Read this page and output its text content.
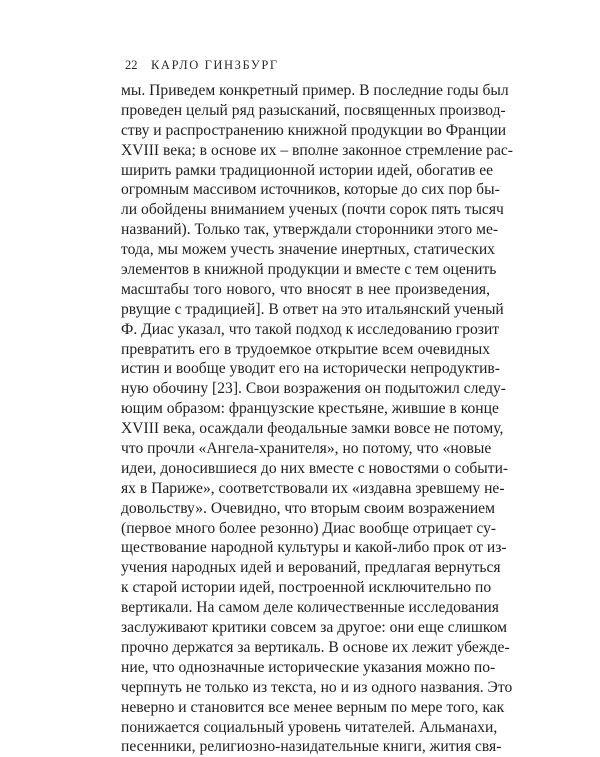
22 КАРЛО ГИНЗБУРГ
мы. Приведем конкретный пример. В последние годы был
проведен целый ряд разысканий, посвященных производ-
ству и распространению книжной продукции во Франции
XVIII века; в основе их – вполне законное стремление рас-
ширить рамки традиционной истории идей, обогатив ее
огромным массивом источников, которые до сих пор бы-
ли обойдены вниманием ученых (почти сорок пять тысяч
названий). Только так, утверждали сторонники этого ме-
тода, мы можем учесть значение инертных, статических
элементов в книжной продукции и вместе с тем оценить
масштабы того нового, что вносят в нее произведения,
рвущие с традицией]. В ответ на это итальянский ученый
Ф. Диас указал, что такой подход к исследованию грозит
превратить его в трудоемкое открытие всем очевидных
истин и вообще уводит его на исторически непродуктив-
ную обочину [23]. Свои возражения он подытожил следу-
ющим образом: французские крестьяне, жившие в конце
XVIII века, осаждали феодальные замки вовсе не потому,
что прочли «Ангела-хранителя», но потому, что «новые
идеи, доносившиеся до них вместе с новостями о событи-
ях в Париже», соответствовали их «издавна зревшему не-
довольству». Очевидно, что вторым своим возражением
(первое много более резонно) Диас вообще отрицает су-
ществование народной культуры и какой-либо прок от из-
учения народных идей и верований, предлагая вернуться
к старой истории идей, построенной исключительно по
вертикали. На самом деле количественные исследования
заслуживают критики совсем за другое: они еще слишком
прочно держатся за вертикаль. В основе их лежит убежде-
ние, что однозначные исторические указания можно по-
черпнуть не только из текста, но и из одного названия. Это
неверно и становится все менее верным по мере того, как
понижается социальный уровень читателей. Альманахи,
песенники, религиозно-назидательные книги, жития свя-
